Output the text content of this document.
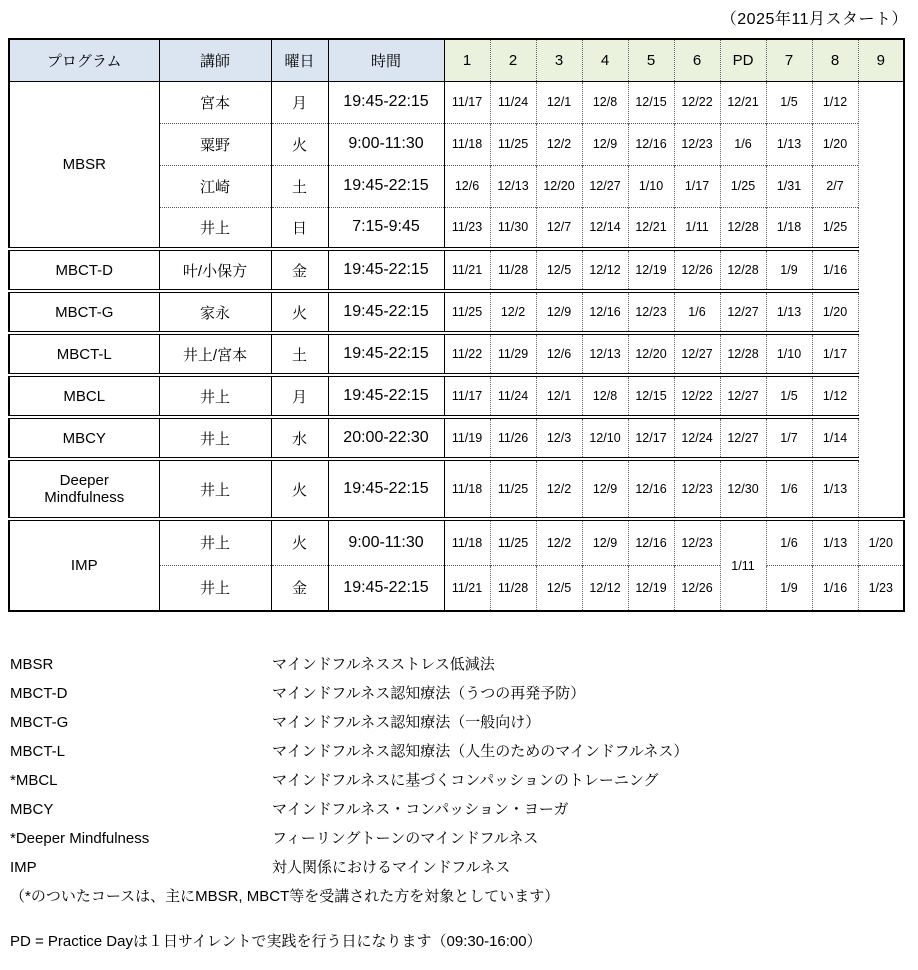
（2025年11月スタート）
プログラム	講師	曜日	時間	1	2	3	4	5	6	PD	7	8	9
MBSR	宮本	月	19:45-22:15	11/17	11/24	12/1	12/8	12/15	12/22	12/21	1/5	1/12	
	粟野	火	9:00-11:30	11/18	11/25	12/2	12/9	12/16	12/23	1/6	1/13	1/20	
	江崎	土	19:45-22:15	12/6	12/13	12/20	12/27	1/10	1/17	1/25	1/31	2/7	
	井上	日	7:15-9:45	11/23	11/30	12/7	12/14	12/21	1/11	12/28	1/18	1/25	
MBCT-D	叶/小保方	金	19:45-22:15	11/21	11/28	12/5	12/12	12/19	12/26	12/28	1/9	1/16	
MBCT-G	家永	火	19:45-22:15	11/25	12/2	12/9	12/16	12/23	1/6	12/27	1/13	1/20	
MBCT-L	井上/宮本	土	19:45-22:15	11/22	11/29	12/6	12/13	12/20	12/27	12/28	1/10	1/17	
MBCL	井上	月	19:45-22:15	11/17	11/24	12/1	12/8	12/15	12/22	12/27	1/5	1/12	
MBCY	井上	水	20:00-22:30	11/19	11/26	12/3	12/10	12/17	12/24	12/27	1/7	1/14	
Deeper Mindfulness	井上	火	19:45-22:15	11/18	11/25	12/2	12/9	12/16	12/23	12/30	1/6	1/13	
IMP	井上	火	9:00-11:30	11/18	11/25	12/2	12/9	12/16	12/23	1/11	1/6	1/13	1/20
	井上	金	19:45-22:15	11/21	11/28	12/5	12/12	12/19	12/26		1/9	1/16	1/23
MBSR	マインドフルネスストレス低減法
MBCT-D	マインドフルネス認知療法（うつの再発予防）
MBCT-G	マインドフルネス認知療法（一般向け）
MBCT-L	マインドフルネス認知療法（人生のためのマインドフルネス）
*MBCL	マインドフルネスに基づくコンパッションのトレーニング
MBCY	マインドフルネス・コンパッション・ヨーガ
*Deeper Mindfulness	フィーリングトーンのマインドフルネス
IMP	対人関係におけるマインドフルネス
（*のついたコースは、主にMBSR, MBCT等を受講された方を対象としています）
PD = Practice Dayは１日サイレントで実践を行う日になります（09:30-16:00）
